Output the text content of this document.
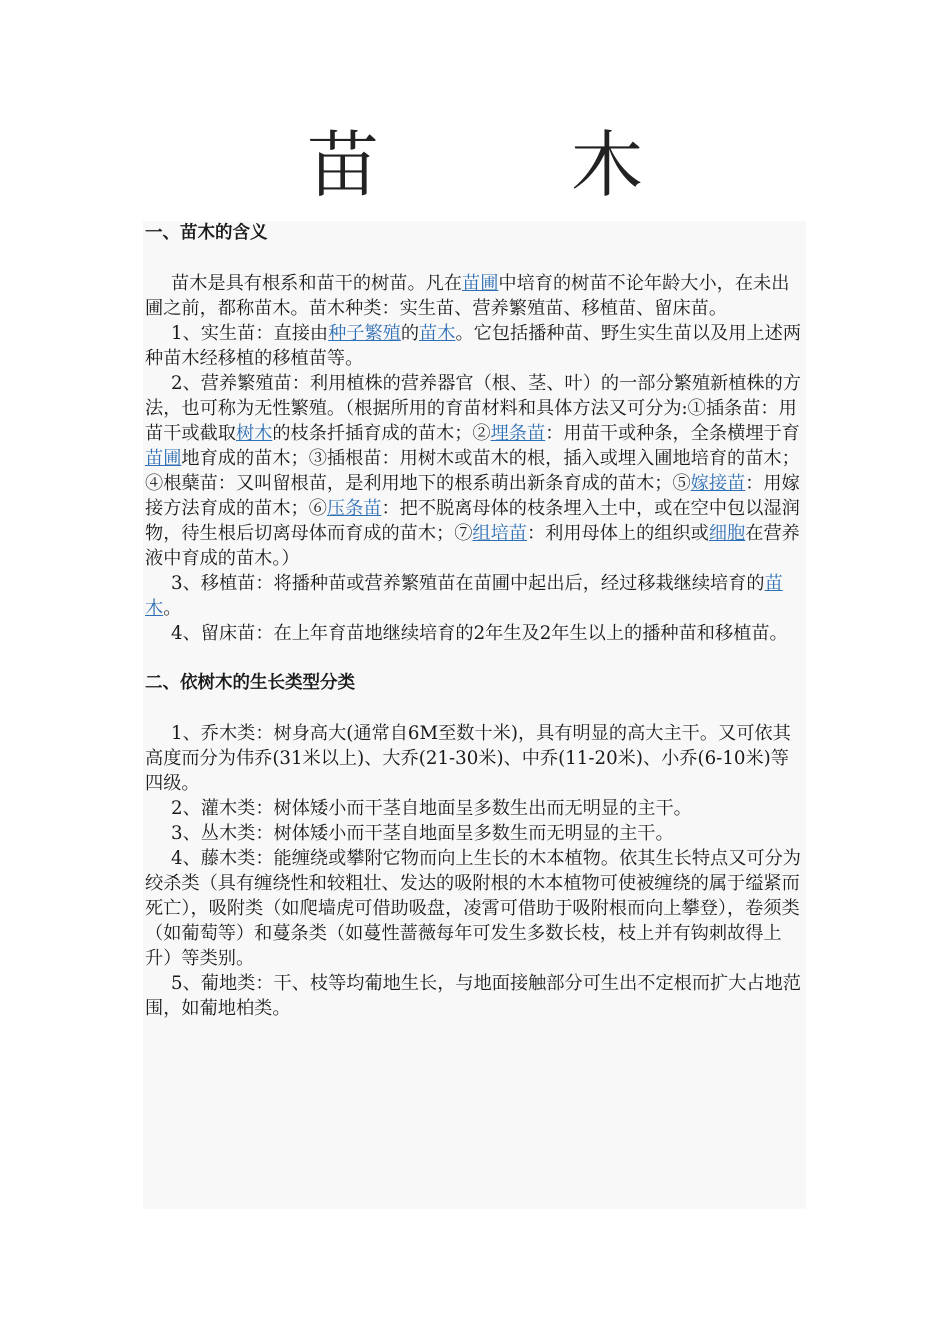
苗　木

一、苗木的含义

苗木是具有根系和苗干的树苗。凡在苗圃中培育的树苗不论年龄大小，在未出圃之前，都称苗木。苗木种类：实生苗、营养繁殖苗、移植苗、留床苗。

1、实生苗：直接由种子繁殖的苗木。它包括播种苗、野生实生苗以及用上述两种苗木经移植的移植苗等。

2、营养繁殖苗：利用植株的营养器官（根、茎、叶）的一部分繁殖新植株的方法，也可称为无性繁殖。（根据所用的育苗材料和具体方法又可分为:①插条苗：用苗干或截取树木的枝条扦插育成的苗木；②埋条苗：用苗干或种条，全条横埋于育苗圃地育成的苗木；③插根苗：用树木或苗木的根，插入或埋入圃地培育的苗木；④根蘖苗：又叫留根苗，是利用地下的根系萌出新条育成的苗木；⑤嫁接苗：用嫁接方法育成的苗木；⑥压条苗：把不脱离母体的枝条埋入土中，或在空中包以湿润物，待生根后切离母体而育成的苗木；⑦组培苗：利用母体上的组织或细胞在营养液中育成的苗木。）

3、移植苗：将播种苗或营养繁殖苗在苗圃中起出后，经过移栽继续培育的苗木。

4、留床苗：在上年育苗地继续培育的2年生及2年生以上的播种苗和移植苗。

二、依树木的生长类型分类

1、乔木类：树身高大(通常自6M至数十米)，具有明显的高大主干。又可依其高度而分为伟乔(31米以上)、大乔(21-30米)、中乔(11-20米)、小乔(6-10米)等四级。

2、灌木类：树体矮小而干茎自地面呈多数生出而无明显的主干。

3、丛木类：树体矮小而干茎自地面呈多数生而无明显的主干。

4、藤木类：能缠绕或攀附它物而向上生长的木本植物。依其生长特点又可分为绞杀类（具有缠绕性和较粗壮、发达的吸附根的木本植物可使被缠绕的属于缢紧而死亡），吸附类（如爬墙虎可借助吸盘，凌霄可借助于吸附根而向上攀登），卷须类（如葡萄等）和蔓条类（如蔓性蔷薇每年可发生多数长枝，枝上并有钩刺故得上升）等类别。

5、葡地类：干、枝等均葡地生长，与地面接触部分可生出不定根而扩大占地范围，如葡地柏类。
